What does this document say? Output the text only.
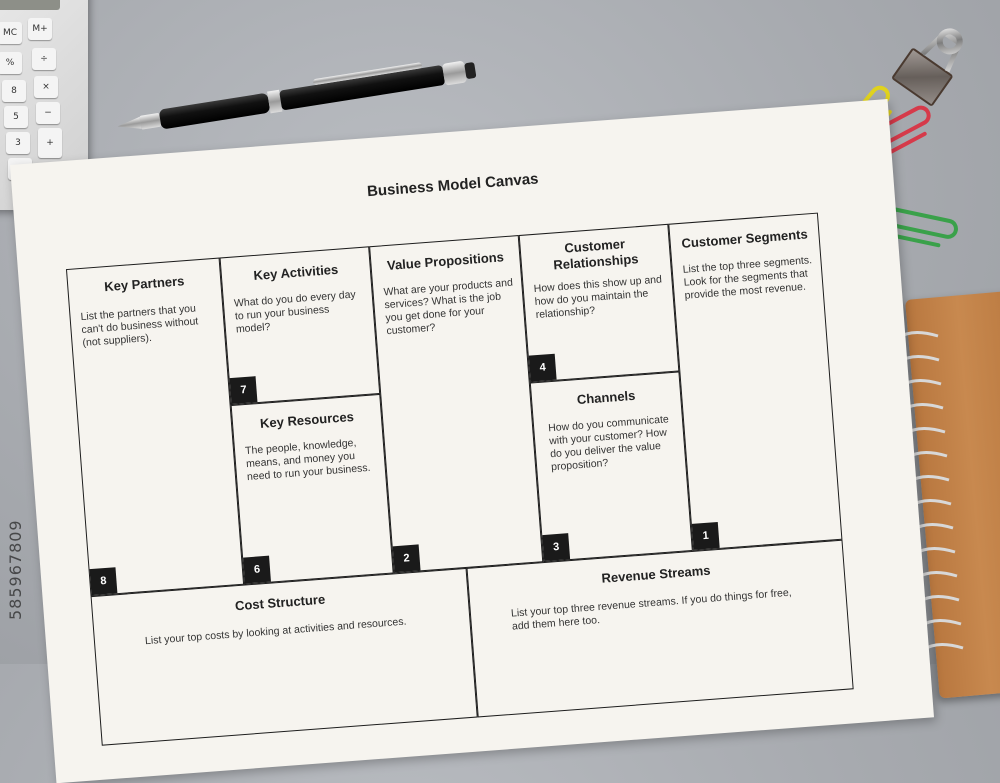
MC	M+
%	÷
8	×
5	−
3	+
Business Model Canvas
Key Partners
List the partners that you can't do business without (not suppliers).
8
Key Activities
What do you do every day to run your business model?
7
Key Resources
The people, knowledge, means, and money you need to run your business.
6
Value Propositions
What are your products and services? What is the job you get done for your customer?
2
Customer Relationships
How does this show up and how do you maintain the relationship?
4
Channels
How do you communicate with your customer? How do you deliver the value proposition?
3
Customer Segments
List the top three segments. Look for the segments that provide the most revenue.
1
Cost Structure
List your top costs by looking at activities and resources.
Revenue Streams
List your top three revenue streams. If you do things for free, add them here too.
585967809
